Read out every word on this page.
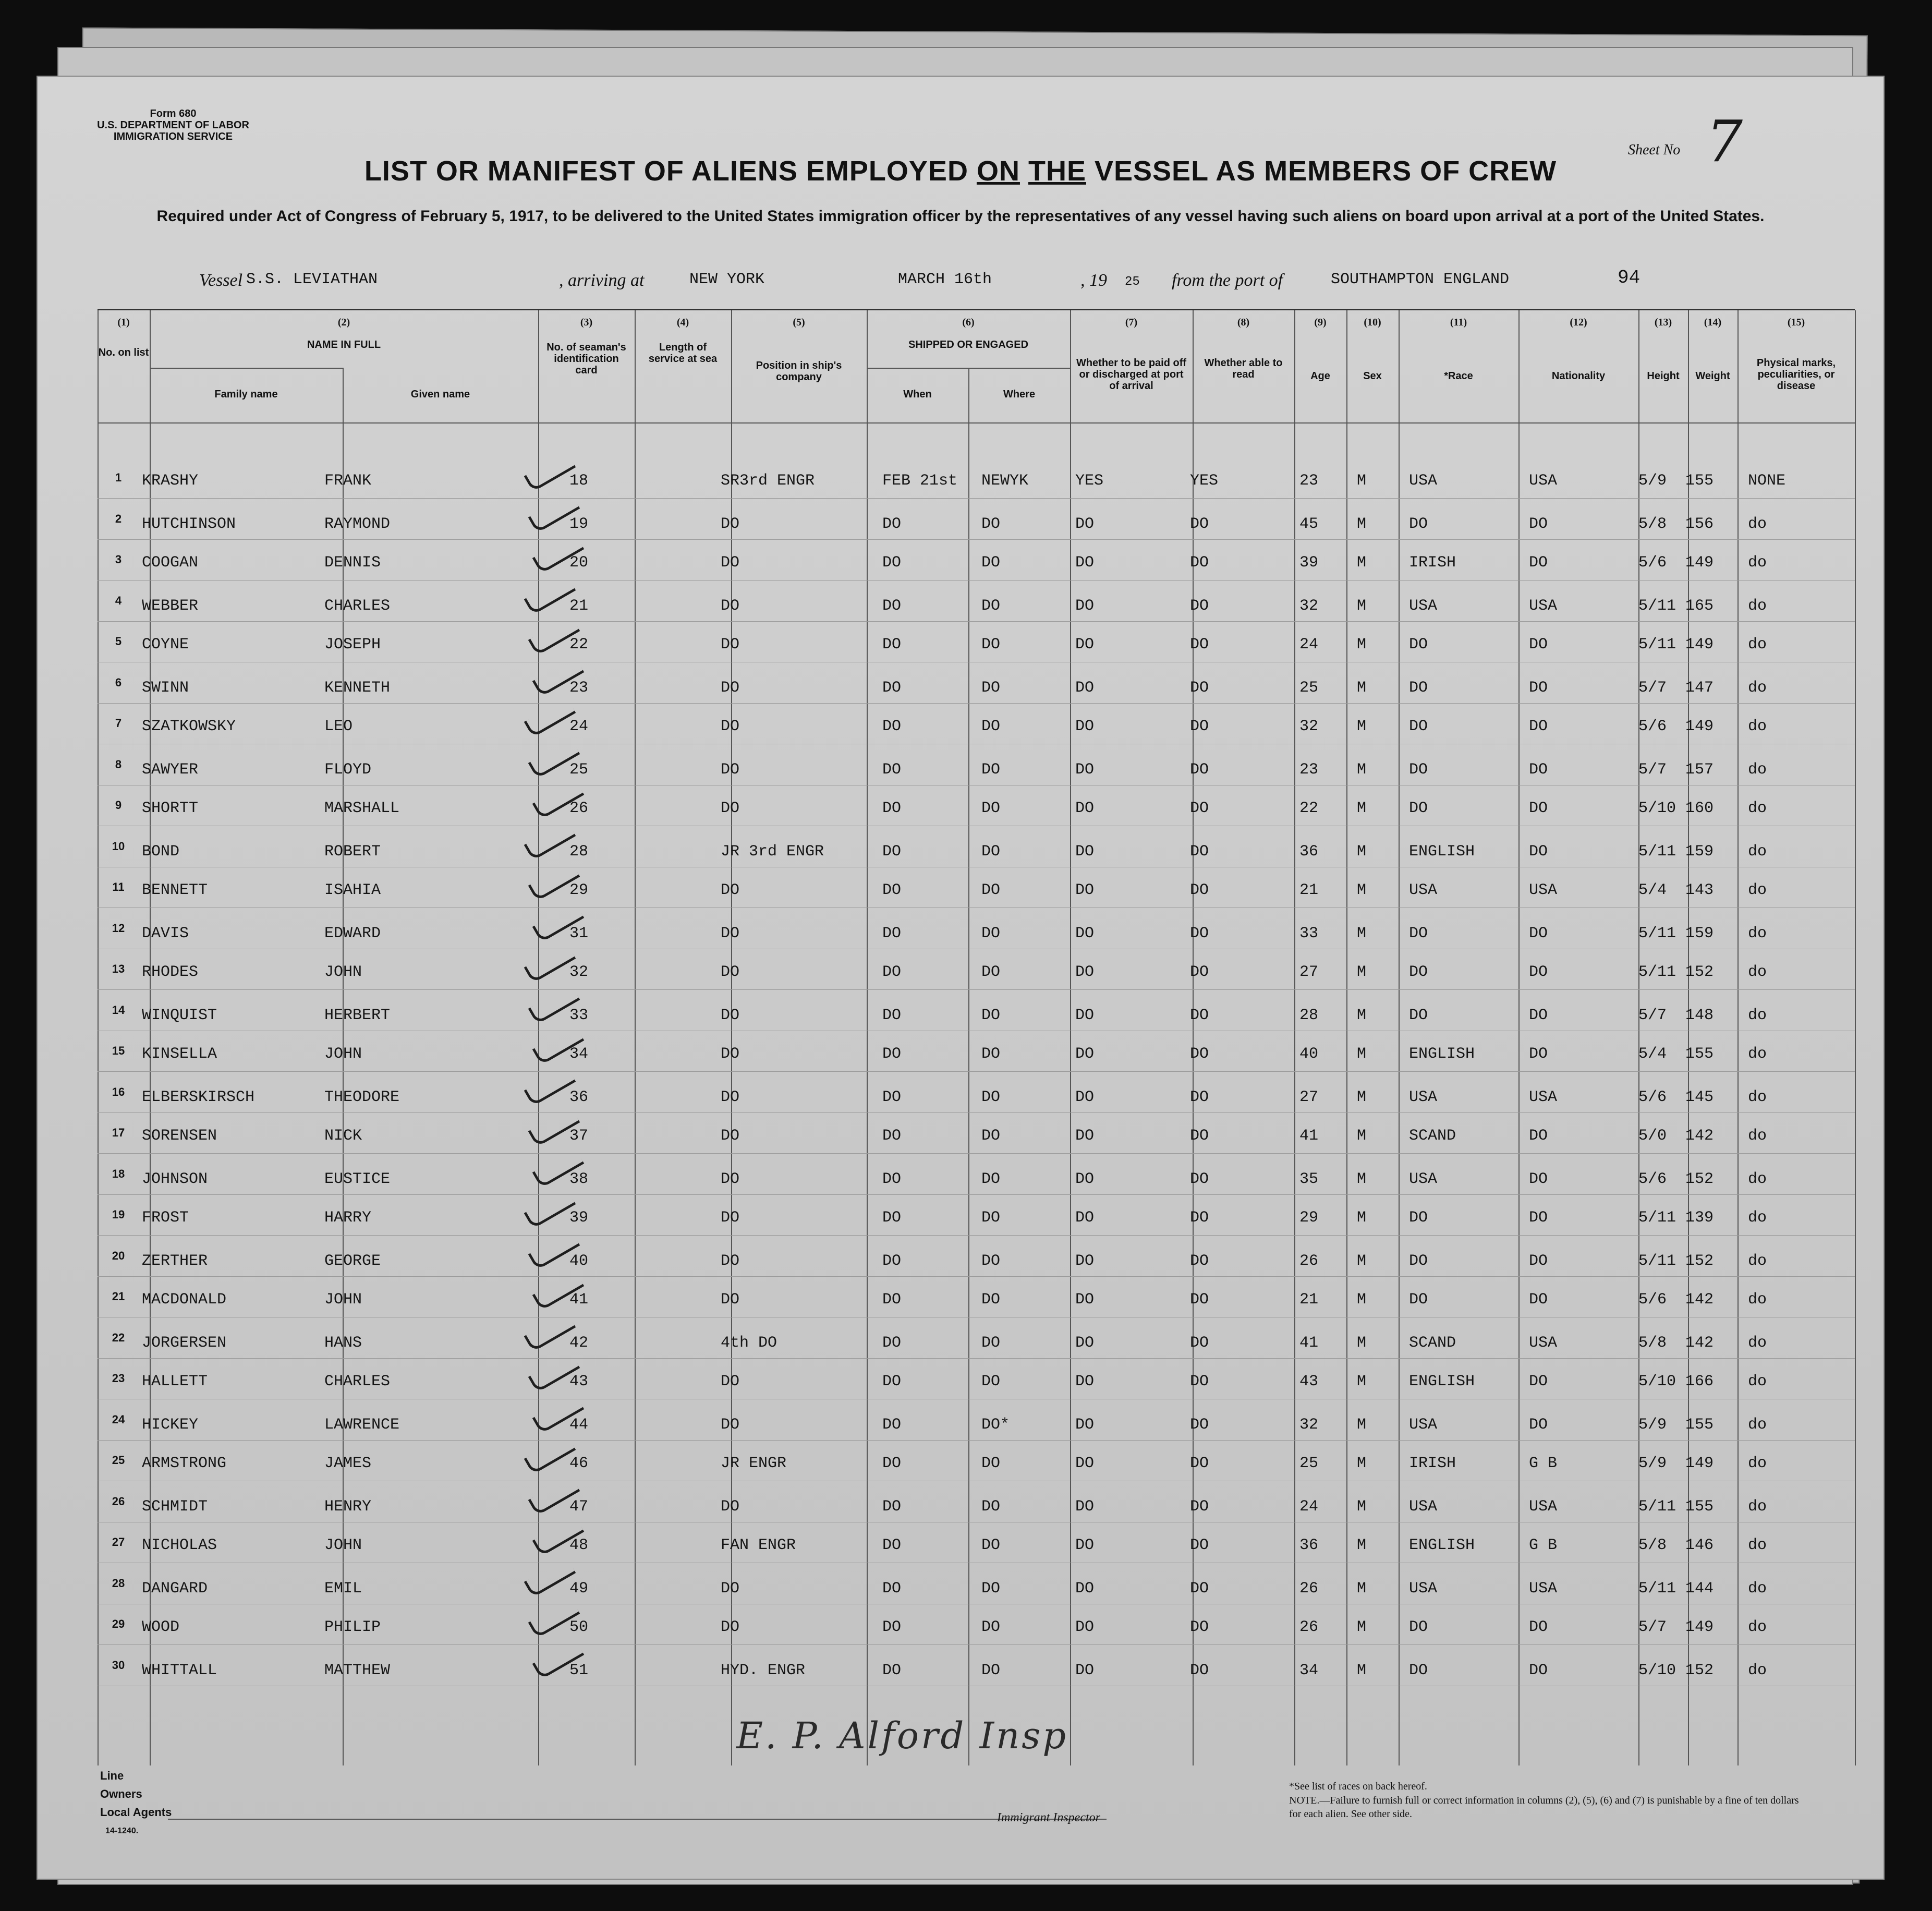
Form 680
U.S. DEPARTMENT OF LABOR
IMMIGRATION SERVICE
LIST OR MANIFEST OF ALIENS EMPLOYED ON THE VESSEL AS MEMBERS OF CREW
Required under Act of Congress of February 5, 1917, to be delivered to the United States immigration officer by the representatives of any vessel having such aliens on board upon arrival at a port of the United States.
Sheet No 7
Vessel S.S. LEVIATHAN	, arriving at	NEW YORK	MARCH 16th	, 19 25 from the port of	SOUTHAMPTON ENGLAND	94
(1)	(2)	(3)	(4)	(5)	(6)	(7)	(8)	(9)	(10)	(11)	(12)	(13)	(14)	(15)
No. on list
NAME IN FULL
Family name	Given name
No. of seaman's identification card
Length of service at sea
Position in ship's company
SHIPPED OR ENGAGED
When	Where
Whether to be paid off or discharged at port of arrival
Whether able to read	Age	Sex	*Race	Nationality	Height	Weight
Physical marks, peculiarities, or disease
1	KRASHY	FRANK	18	SR3rd ENGR	FEB 21st NEWYK	YES	YES	23 M	USA	USA	5/9 155 NONE
2	HUTCHINSON	RAYMOND	19	DO	DO	DO	DO	DO	45 M	DO	DO	5/8 156 do
3	COOGAN	DENNIS	20	DO	DO	DO	DO	DO	39 M	IRISH	DO	5/6 149 do
4	WEBBER	CHARLES	21	DO	DO	DO	DO	DO	32 M	USA	USA	5/11 165 do
5	COYNE	JOSEPH	22	DO	DO	DO	DO	DO	24 M	DO	DO	5/11 149 do
6	SWINN	KENNETH	23	DO	DO	DO	DO	DO	25 M	DO	DO	5/7 147 do
7	SZATKOWSKY	LEO	24	DO	DO	DO	DO	DO	32 M	DO	DO	5/6 149 do
8	SAWYER	FLOYD	25	DO	DO	DO	DO	DO	23 M	DO	DO	5/7 157 do
9	SHORTT	MARSHALL	26	DO	DO	DO	DO	DO	22 M	DO	DO	5/10 160 do
10	BOND	ROBERT	28	JR 3rd ENGR	DO	DO	DO	DO	36 M	ENGLISH	DO	5/11 159 do
11	BENNETT	ISAHIA	29	DO	DO	DO	DO	DO	21 M	USA	USA	5/4 143 do
12	DAVIS	EDWARD	31	DO	DO	DO	DO	DO	33 M	DO	DO	5/11 159 do
13	RHODES	JOHN	32	DO	DO	DO	DO	DO	27 M	DO	DO	5/11 152 do
14	WINQUIST	HERBERT	33	DO	DO	DO	DO	DO	28 M	DO	DO	5/7 148 do
15	KINSELLA	JOHN	34	DO	DO	DO	DO	DO	40 M	ENGLISH	DO	5/4 155 do
16	ELBERSKIRSCH	THEODORE	36	DO	DO	DO	DO	DO	27 M	USA	USA	5/6 145 do
17	SORENSEN	NICK	37	DO	DO	DO	DO	DO	41 M	SCAND	DO	5/0 142 do
18	JOHNSON	EUSTICE	38	DO	DO	DO	DO	DO	35 M	USA	DO	5/6 152 do
19	FROST	HARRY	39	DO	DO	DO	DO	DO	29 M	DO	DO	5/11 139 do
20	ZERTHER	GEORGE	40	DO	DO	DO	DO	DO	26 M	DO	DO	5/11 152 do
21	MACDONALD	JOHN	41	DO	DO	DO	DO	DO	21 M	DO	DO	5/6 142 do
22	JORGERSEN	HANS	42	4th DO	DO	DO	DO	DO	41 M	SCAND	USA	5/8 142 do
23	HALLETT	CHARLES	43	DO	DO	DO	DO	DO	43 M	ENGLISH	DO	5/10 166 do
24	HICKEY	LAWRENCE	44	DO	DO	DO*	DO	DO	32 M	USA	DO	5/9 155 do
25	ARMSTRONG	JAMES	46	JR ENGR	DO	DO	DO	DO	25 M	IRISH	G B	5/9 149 do
26	SCHMIDT	HENRY	47	DO	DO	DO	DO	DO	24 M	USA	USA	5/11 155 do
27	NICHOLAS	JOHN	48	FAN ENGR	DO	DO	DO	DO	36 M	ENGLISH	G B	5/8 146 do
28	DANGARD	EMIL	49	DO	DO	DO	DO	DO	26 M	USA	USA	5/11 144 do
29	WOOD	PHILIP	50	DO	DO	DO	DO	DO	26 M	DO	DO	5/7 149 do
30	WHITTALL	MATTHEW	51	HYD. ENGR	DO	DO	DO	DO	34 M	DO	DO	5/10 152 do
E. P. Alford Insp
Line
Owners
Local Agents
14-1240.
Immigrant Inspector
*See list of races on back hereof.
NOTE.—Failure to furnish full or correct information in columns (2), (5), (6) and (7) is punishable by a fine of ten dollars for each alien. See other side.
